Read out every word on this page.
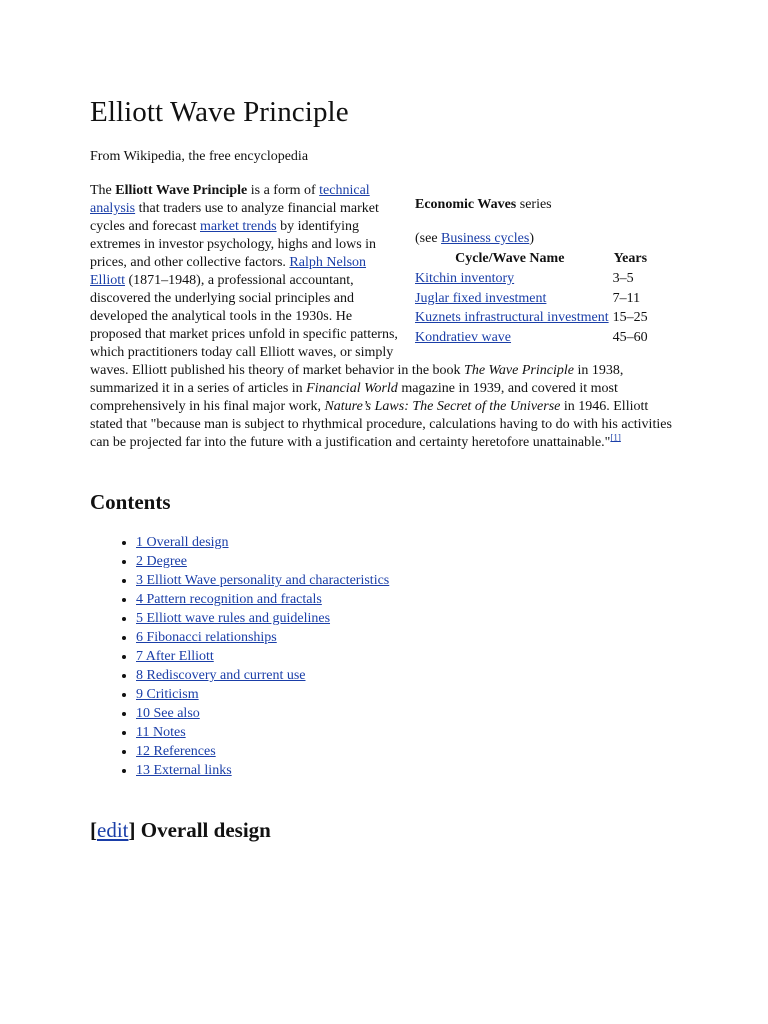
Elliott Wave Principle
From Wikipedia, the free encyclopedia
Economic Waves series
(see Business cycles)
Cycle/Wave Name	Years
Kitchin inventory	3–5
Juglar fixed investment	7–11
Kuznets infrastructural investment	15–25
Kondratiev wave	45–60
The Elliott Wave Principle is a form of technical analysis that traders use to analyze financial market cycles and forecast market trends by identifying extremes in investor psychology, highs and lows in prices, and other collective factors. Ralph Nelson Elliott (1871–1948), a professional accountant, discovered the underlying social principles and developed the analytical tools in the 1930s. He proposed that market prices unfold in specific patterns, which practitioners today call Elliott waves, or simply waves. Elliott published his theory of market behavior in the book The Wave Principle in 1938, summarized it in a series of articles in Financial World magazine in 1939, and covered it most comprehensively in his final major work, Nature’s Laws: The Secret of the Universe in 1946. Elliott stated that "because man is subject to rhythmical procedure, calculations having to do with his activities can be projected far into the future with a justification and certainty heretofore unattainable."[1]
Contents
• 1 Overall design
• 2 Degree
• 3 Elliott Wave personality and characteristics
• 4 Pattern recognition and fractals
• 5 Elliott wave rules and guidelines
• 6 Fibonacci relationships
• 7 After Elliott
• 8 Rediscovery and current use
• 9 Criticism
• 10 See also
• 11 Notes
• 12 References
• 13 External links
[edit] Overall design
